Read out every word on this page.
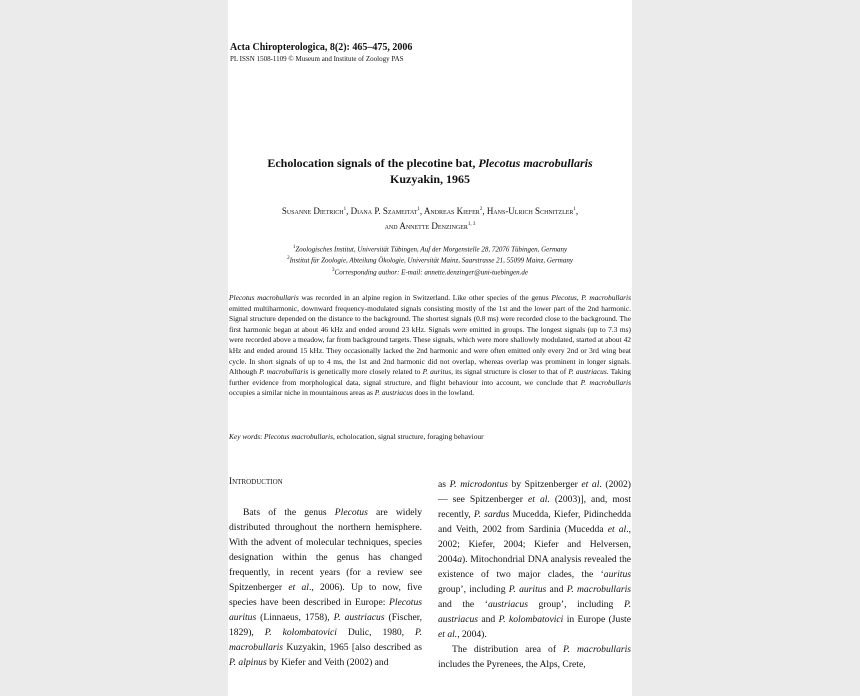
Acta Chiropterologica, 8(2): 465–475, 2006
PL ISSN 1508-1109 © Museum and Institute of Zoology PAS
Echolocation signals of the plecotine bat, Plecotus macrobullaris
Kuzyakin, 1965
Susanne Dietrich$^1$, Diana P. Szameitat$^1$, Andreas Kiefer$^2$, Hans-Ulrich Schnitzler$^1$,
and Annette Denzinger$^{1, 3}$
$^1$Zoologisches Institut, Universität Tübingen, Auf der Morgenstelle 28, 72076 Tübingen, Germany
$^2$Institut für Zoologie, Abteilung Ökologie, Universität Mainz, Saarstrasse 21, 55099 Mainz, Germany
$^3$Corresponding author: E-mail: annette.denzinger@uni-tuebingen.de
Plecotus macrobullaris was recorded in an alpine region in Switzerland. Like other species of the genus Plecotus, P. macrobullaris emitted multiharmonic, downward frequency-modulated signals consisting mostly of the 1st and the lower part of the 2nd harmonic. Signal structure depended on the distance to the background. The shortest signals (0.8 ms) were recorded close to the background. The first harmonic began at about 46 kHz and ended around 23 kHz. Signals were emitted in groups. The longest signals (up to 7.3 ms) were recorded above a meadow, far from background targets. These signals, which were more shallowly modulated, started at about 42 kHz and ended around 15 kHz. They occasionally lacked the 2nd harmonic and were often emitted only every 2nd or 3rd wing beat cycle. In short signals of up to 4 ms, the 1st and 2nd harmonic did not overlap, whereas overlap was prominent in longer signals. Although P. macrobullaris is genetically more closely related to P. auritus, its signal structure is closer to that of P. austriacus. Taking further evidence from morphological data, signal structure, and flight behaviour into account, we conclude that P. macrobullaris occupies a similar niche in mountainous areas as P. austriacus does in the lowland.
Key words: Plecotus macrobullaris, echolocation, signal structure, foraging behaviour
Introduction
Bats of the genus Plecotus are widely distributed throughout the northern hemisphere. With the advent of molecular techniques, species designation within the genus has changed frequently, in recent years (for a review see Spitzenberger et al., 2006). Up to now, five species have been described in Europe: Plecotus auritus (Linnaeus, 1758), P. austriacus (Fischer, 1829), P. kolombatovici Dulic, 1980, P. macrobullaris Kuzyakin, 1965 [also described as P. alpinus by Kiefer and Veith (2002) and
as P. microdontus by Spitzenberger et al. (2002) — see Spitzenberger et al. (2003)], and, most recently, P. sardus Mucedda, Kiefer, Pidinchedda and Veith, 2002 from Sardinia (Mucedda et al., 2002; Kiefer, 2004; Kiefer and Helversen, 2004a). Mitochondrial DNA analysis revealed the existence of two major clades, the ‘auritus group’, including P. auritus and P. macrobullaris and the ‘austriacus group’, including P. austriacus and P. kolombatovici in Europe (Juste et al., 2004).
The distribution area of P. macrobullaris includes the Pyrenees, the Alps, Crete,
